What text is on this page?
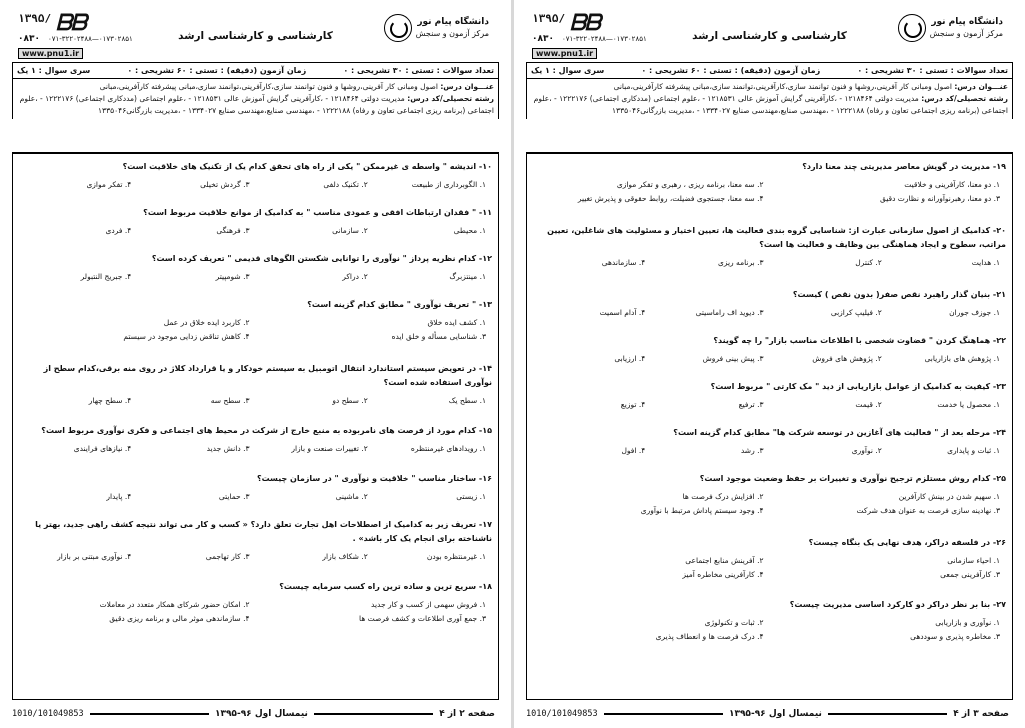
دانشگاه پیام نور
مرکز آزمون و سنجش
کارشناسی و کارشناسی ارشد
۱۳۹۵/ ᗷᗷ
۰۸۳۰ ۰۷۱-۳۲۲۰۲۴۸۸—۰۱۷۳۰۲۸۵۱
www.pnu1.ir
تعداد سوالات : تستی : ۳۰ تشریحی : ۰
زمان آزمون (دقیقه) : تستی : ۶۰ تشریحی : ۰
سری سوال : ۱ یک
عنـــوان درس: اصول ومبانی کار آفرینی،روشها و فنون توانمند سازی،کارآفرینی،توانمند سازی،مبانی پیشرفته کارآفرینی،مبانی
رشته تحصیلی/کد درس: مدیریت دولتی ۱۲۱۸۴۶۴ - ،کارآفرینی گرایش آموزش عالی ۱۲۱۸۵۳۱ - ،علوم اجتماعی (مددکاری اجتماعی) ۱۲۲۲۱۷۶ - ،علوم اجتماعی (برنامه ریزی اجتماعی تعاون و رفاه) ۱۲۲۲۱۸۸ - ،مهندسی صنایع،مهندسی صنایع ۱۳۳۴۰۲۷ - ،مدیریت بازرگانی۱۳۳۵۰۴۶
۱۰- اندیشه " واسطه ی غیرممکن " یکی از راه های تحقق کدام یک از تکنیک های خلاقیت است؟
۱. الگوبرداری از طبیعت
۲. تکنیک دلفی
۳. گردش تخیلی
۴. تفکر موازی
۱۱- " فقدان ارتباطات افقی و عمودی مناسب " به کدامیک از موانع خلاقیت مربوط است؟
۱. محیطی
۲. سازمانی
۳. فرهنگی
۴. فردی
۱۲- کدام نظریه پرداز " نوآوری را توانایی شکستن الگوهای قدیمی " تعریف کرده است؟
۱. مینتزبرگ
۲. دراکر
۳. شومپیتر
۴. جبریج النتبولر
۱۳- " تعریف نوآوری " مطابق کدام گزینه است؟
۱. کشف ایده خلاق
۲. کاربرد ایده خلاق در عمل
۳. شناسایی مسأله و خلق ایده
۴. کاهش تناقض زدایی موجود در سیستم
۱۴- در تعویض سیستم استاندارد انتقال اتومبیل به سیستم خودکار و یا قرارداد کلاژ در روی منه برقی،کدام سطح از نوآوری استفاده شده است؟
۱. سطح یک
۲. سطح دو
۳. سطح سه
۴. سطح چهار
۱۵- کدام مورد از فرصت های نامربوده به منبع خارج از شرکت در محیط های اجتماعی و فکری نوآوری مربوط است؟
۱. رویدادهای غیرمنتظره
۲. تغییرات صنعت و بازار
۳. دانش جدید
۴. نیازهای فرایندی
۱۶- ساختار مناسب " خلاقیت و نوآوری " در سازمان چیست؟
۱. زیستی
۲. ماشینی
۳. حمایتی
۴. پایدار
۱۷- تعریف زیر به کدامیک از اصطلاحات اهل تجارت تعلق دارد؟ « کسب و کار می تواند نتیجه کشف راهی جدید، بهتر یا ناشناخته برای انجام یک کار باشد» .
۱. غیرمنتظره بودن
۲. شکاف بازار
۳. کار تهاجمی
۴. نوآوری مبتنی بر بازار
۱۸- سریع ترین و ساده ترین راه کسب سرمایه چیست؟
۱. فروش سهمی از کسب و کار جدید
۲. امکان حضور شرکای همکار متعدد در معاملات
۳. جمع آوری اطلاعات و کشف فرصت ها
۴. سازماندهی موثر مالی و برنامه ریزی دقیق
صفحه ۲ از ۴
نیمسال اول ۹۶-۱۳۹۵
1010/101049853
دانشگاه پیام نور
مرکز آزمون و سنجش
کارشناسی و کارشناسی ارشد
۱۳۹۵/ ᗷᗷ
۰۸۳۰ ۰۷۱-۳۲۲۰۲۴۸۸—۰۱۷۳۰۲۸۵۱
www.pnu1.ir
تعداد سوالات : تستی : ۳۰ تشریحی : ۰
زمان آزمون (دقیقه) : تستی : ۶۰ تشریحی : ۰
سری سوال : ۱ یک
عنـــوان درس: اصول ومبانی کار آفرینی،روشها و فنون توانمند سازی،کارآفرینی،توانمند سازی،مبانی پیشرفته کارآفرینی،مبانی
رشته تحصیلی/کد درس: مدیریت دولتی ۱۲۱۸۴۶۴ - ،کارآفرینی گرایش آموزش عالی ۱۲۱۸۵۳۱ - ،علوم اجتماعی (مددکاری اجتماعی) ۱۲۲۲۱۷۶ - ،علوم اجتماعی (برنامه ریزی اجتماعی تعاون و رفاه) ۱۲۲۲۱۸۸ - ،مهندسی صنایع،مهندسی صنایع ۱۳۳۴۰۲۷ - ،مدیریت بازرگانی۱۳۳۵۰۴۶
۱۹- مدیریت در گویش معاصر مدیریتی چند معنا دارد؟
۱. دو معنا، کارآفرینی و خلاقیت
۲. سه معنا، برنامه ریزی ، رهبری و تفکر موازی
۳. دو معنا، رهبرنوآورانه و نظارت دقیق
۴. سه معنا، جستجوی فضیلت، روابط حقوقی و پذیرش تغییر
۲۰- کدامیک از اصول سازمانی عبارت از: شناسایی گروه بندی فعالیت ها، تعیین اختیار و مسئولیت های شاغلین، تعیین مراتب، سطوح و ایجاد هماهنگی بین وظایف و فعالیت ها است؟
۱. هدایت
۲. کنترل
۳. برنامه ریزی
۴. سازماندهی
۲۱- بنیان گذار راهبرد نقص صفر( بدون نقص ) کیست؟
۱. جوزف جوران
۲. فیلیپ کرازبی
۳. دیوید اف راماسیتی
۴. آدام اسمیت
۲۲- هماهنگ کردن " قضاوت شخصی با اطلاعات مناسب بازار" را چه گویند؟
۱. پژوهش های بازاریابی
۲. پژوهش های فروش
۳. پیش بینی فروش
۴. ارزیابی
۲۳- کیفیت به کدامیک از عوامل بازاریابی از دید " مک کارتی " مربوط است؟
۱. محصول یا خدمت
۲. قیمت
۳. ترفیع
۴. توزیع
۲۴- مرحله بعد از " فعالیت های آغازین در توسعه شرکت ها" مطابق کدام گزینه است؟
۱. ثبات و پایداری
۲. نوآوری
۳. رشد
۴. افول
۲۵- کدام روش مستلزم ترجیح نوآوری و تغییرات بر حفظ وضعیت موجود است؟
۱. سهیم شدن در بینش کارآفرین
۲. افزایش درک فرصت ها
۳. نهادینه سازی فرصت به عنوان هدف شرکت
۴. وجود سیستم پاداش مرتبط با نوآوری
۲۶- در فلسفه دراکر، هدف نهایی یک بنگاه چیست؟
۱. احیاء سازمانی
۲. آفرینش منابع اجتماعی
۳. کارآفرینی جمعی
۴. کارآفرینی مخاطره آمیز
۲۷- بنا بر نظر دراکر دو کارکرد اساسی مدیریت چیست؟
۱. نوآوری و بازاریابی
۲. ثبات و تکنولوژی
۳. مخاطره پذیری و سوددهی
۴. درک فرصت ها و انعطاف پذیری
صفحه ۳ از ۴
نیمسال اول ۹۶-۱۳۹۵
1010/101049853
